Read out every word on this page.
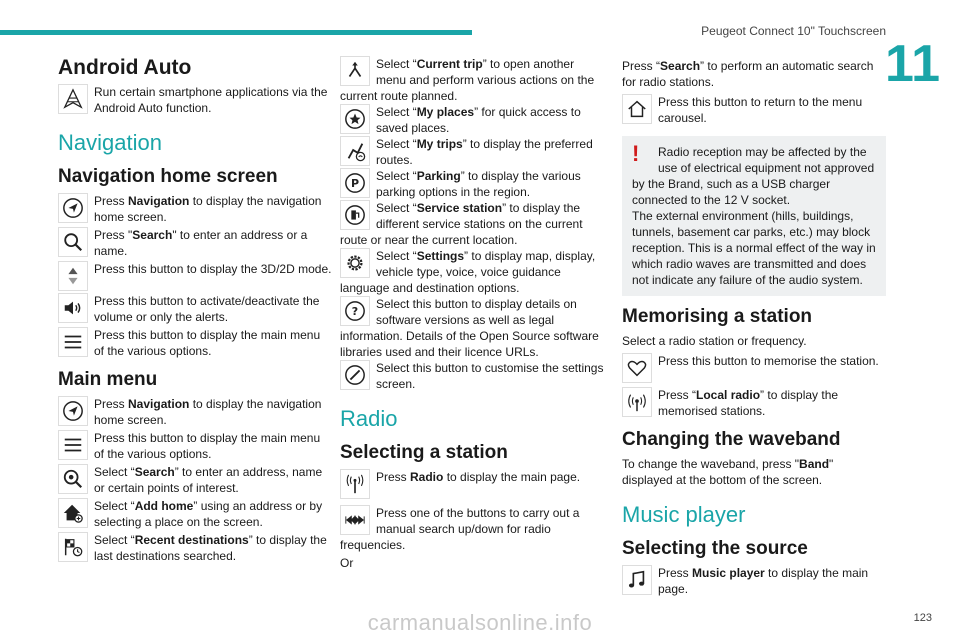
Peugeot Connect 10" Touchscreen
11
Android Auto
Run certain smartphone applications via the Android Auto function.
Navigation
Navigation home screen
Press Navigation to display the navigation home screen.
Press "Search" to enter an address or a name.
Press this button to display the 3D/2D mode.
Press this button to activate/deactivate the volume or only the alerts.
Press this button to display the main menu of the various options.
Main menu
Press Navigation to display the navigation home screen.
Press this button to display the main menu of the various options.
Select “Search” to enter an address, name or certain points of interest.
Select “Add home” using an address or by selecting a place on the screen.
Select “Recent destinations” to display the last destinations searched.
Select “Current trip” to open another menu and perform various actions on the current route planned.
Select “My places” for quick access to saved places.
Select “My trips” to display the preferred routes.
P
Select “Parking” to display the various parking options in the region.
Select “Service station” to display the different service stations on the current route or near the current location.
Select “Settings” to display map, display, vehicle type, voice, voice guidance language and destination options.
?
Select this button to display details on software versions as well as legal information. Details of the Open Source software libraries used and their licence URLs.
Select this button to customise the settings screen.
Radio
Selecting a station
Press Radio to display the main page.
Press one of the buttons to carry out a manual search up/down for radio frequencies.
Or
Press “Search” to perform an automatic search for radio stations.
Press this button to return to the menu carousel.
!	Radio reception may be affected by the use of electrical equipment not approved by the Brand, such as a USB charger connected to the 12 V socket.
The external environment (hills, buildings, tunnels, basement car parks, etc.) may block reception. This is a normal effect of the way in which radio waves are transmitted and does not indicate any failure of the audio system.
Memorising a station
Select a radio station or frequency.
Press this button to memorise the station.
Press “Local radio” to display the memorised stations.
Changing the waveband
To change the waveband, press "Band" displayed at the bottom of the screen.
Music player
Selecting the source
Press Music player to display the main page.
123
carmanualsonline.info
